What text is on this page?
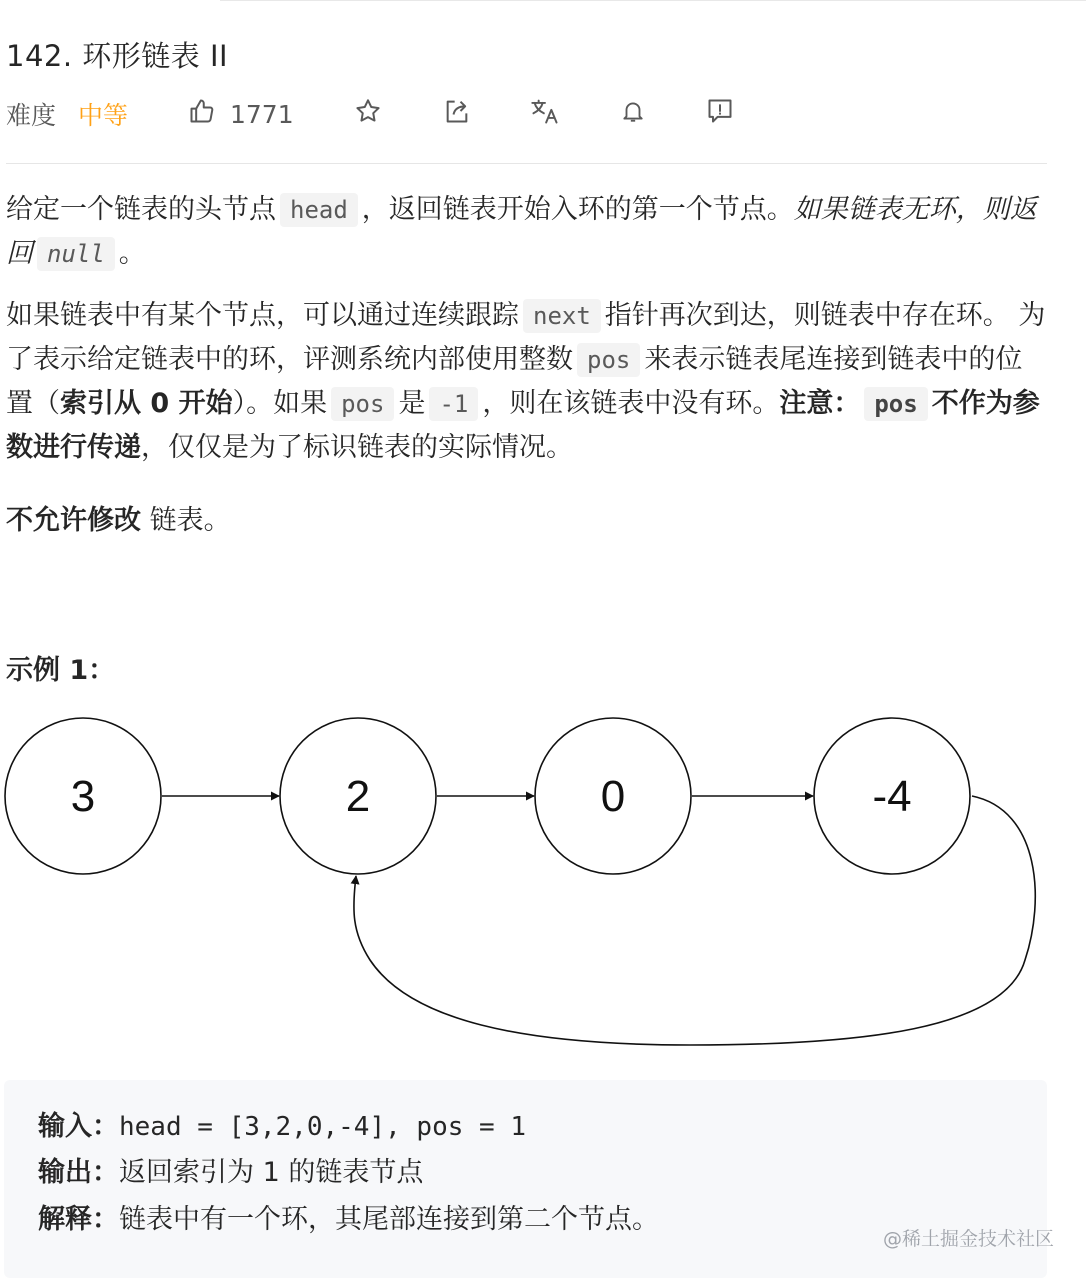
142. 环形链表 II
难度 中等	1771

给定一个链表的头节点 head ，返回链表开始入环的第一个节点。如果链表无环，则返回 null 。

如果链表中有某个节点，可以通过连续跟踪 next 指针再次到达，则链表中存在环。 为了表示给定链表中的环，评测系统内部使用整数 pos 来表示链表尾连接到链表中的位置（索引从 0 开始）。如果 pos 是 -1 ，则在该链表中没有环。注意： pos 不作为参数进行传递，仅仅是为了标识链表的实际情况。

不允许修改 链表。

示例 1：
3	2	0	-4
输入：head = [3,2,0,-4], pos = 1
输出：返回索引为 1 的链表节点
解释：链表中有一个环，其尾部连接到第二个节点。
@稀土掘金技术社区
